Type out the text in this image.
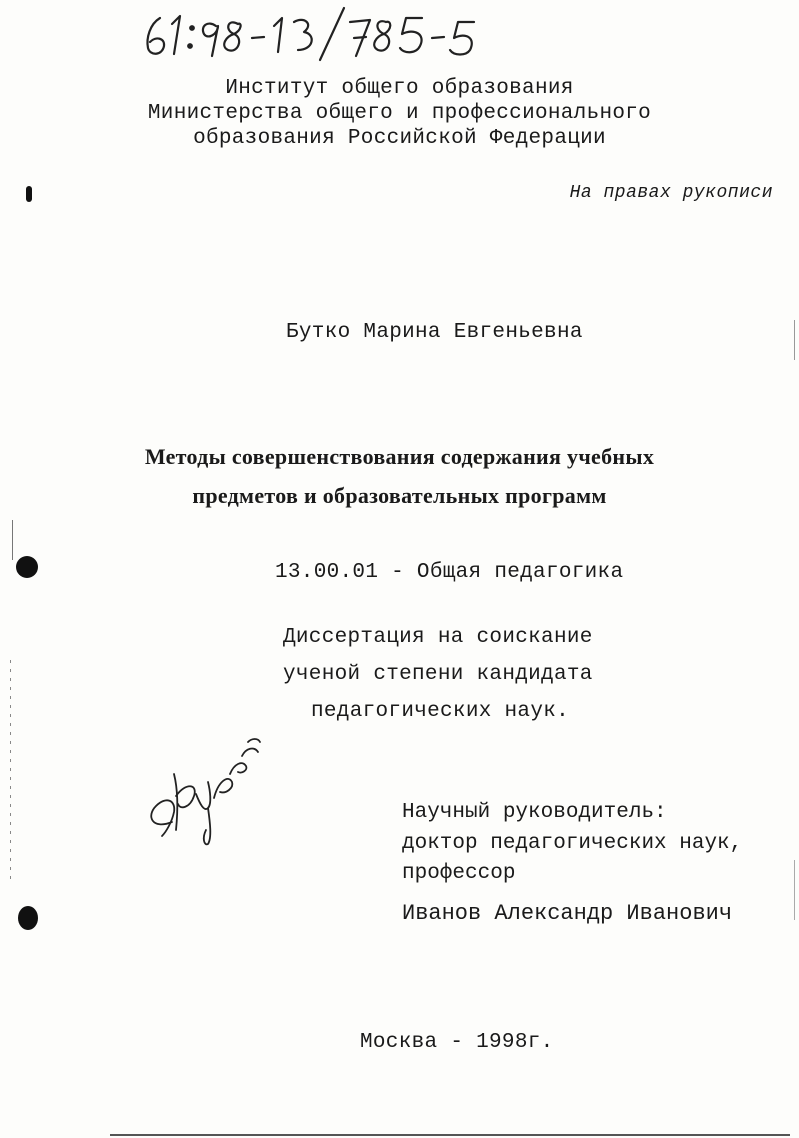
Институт общего образования
Министерства общего и профессионального
образования Российской Федерации
На правах рукописи
Бутко Марина Евгеньевна
Методы совершенствования содержания учебных
предметов и образовательных программ
13.00.01 - Общая педагогика
Диссертация на соискание
ученой степени кандидата
педагогических наук.
Научный руководитель:
доктор педагогических наук,
профессор
Иванов Александр Иванович
Москва - 1998г.
